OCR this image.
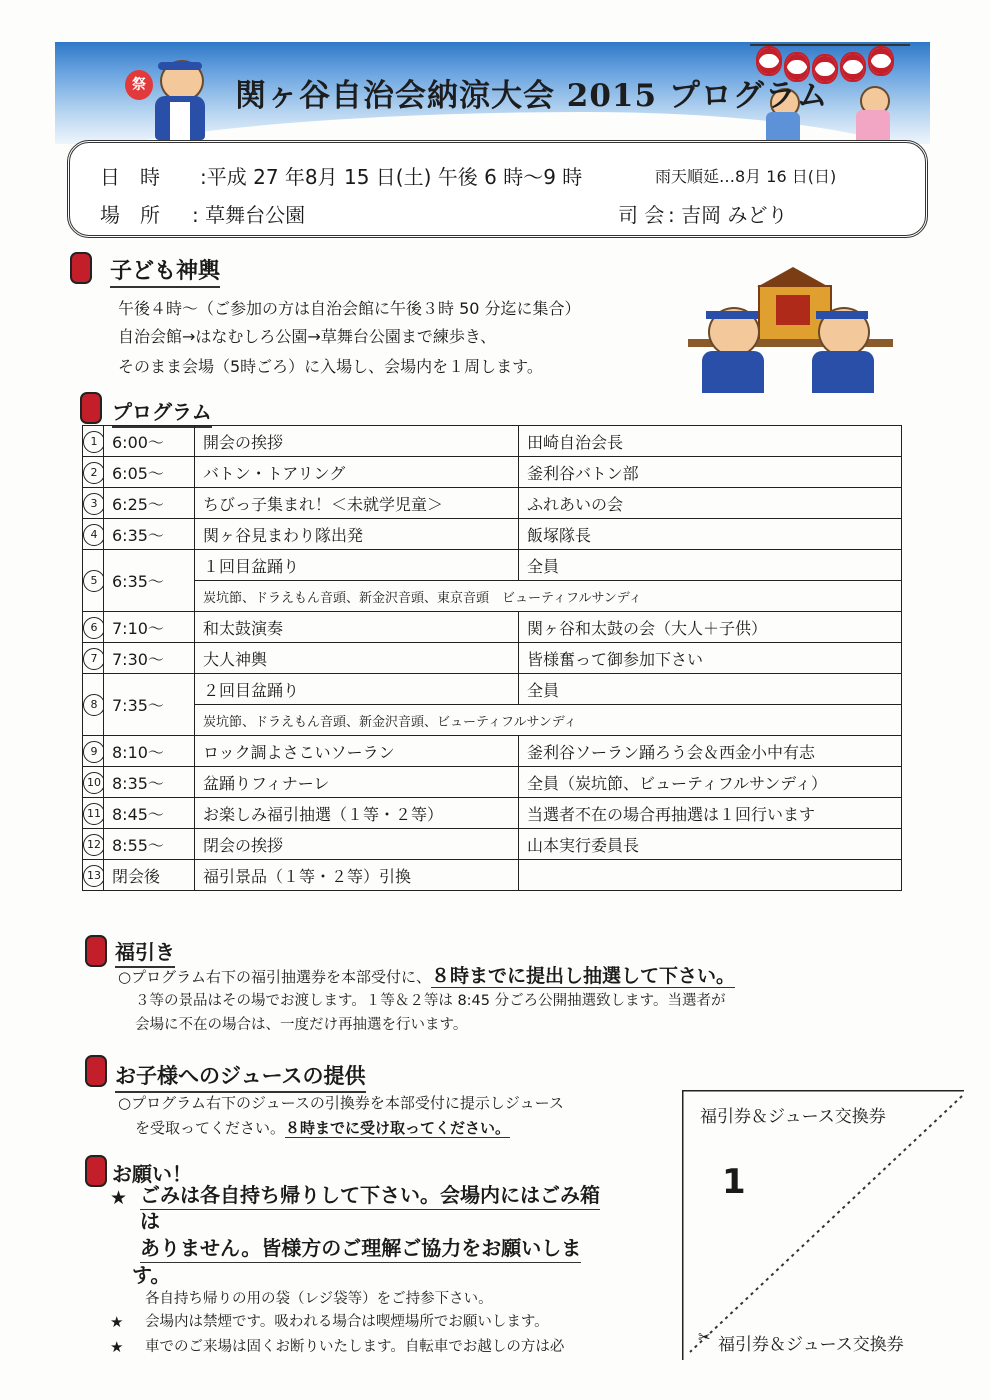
祭	関ヶ谷自治会納涼大会 2015 プログラム
日　時 :平成 27 年8月 15 日(土) 午後 6 時〜9 時	雨天順延…8月 16 日(日)
場　所 : 草舞台公園	司 会 : 吉岡 みどり
子ども神輿
午後４時〜（ご参加の方は自治会館に午後３時 50 分迄に集合）
自治会館→はなむしろ公園→草舞台公園まで練歩き、
そのまま会場（5時ごろ）に入場し、会場内を１周します。
プログラム
1	6:00〜	開会の挨拶	田崎自治会長
2	6:05〜	バトン・トアリング	釜利谷バトン部
3	6:25〜	ちびっ子集まれ！＜未就学児童＞	ふれあいの会
4	6:35〜	関ヶ谷見まわり隊出発	飯塚隊長
5	6:35〜	１回目盆踊り	全員
		炭坑節、ドラえもん音頭、新金沢音頭、東京音頭　ビューティフルサンディ	
6	7:10〜	和太鼓演奏	関ヶ谷和太鼓の会（大人＋子供）
7	7:30〜	大人神輿	皆様奮って御参加下さい
8	7:35〜	２回目盆踊り	全員
		炭坑節、ドラえもん音頭、新金沢音頭、ビューティフルサンディ	
9	8:10〜	ロック調よさこいソーラン	釜利谷ソーラン踊ろう会＆西金小中有志
10	8:35〜	盆踊りフィナーレ	全員（炭坑節、ビューティフルサンディ）
11	8:45〜	お楽しみ福引抽選（１等・２等）	当選者不在の場合再抽選は１回行います
12	8:55〜	閉会の挨拶	山本実行委員長
13	閉会後	福引景品（１等・２等）引換	
福引き
○プログラム右下の福引抽選券を本部受付に、８時までに提出し抽選して下さい。
３等の景品はその場でお渡します。１等＆２等は 8:45 分ごろ公開抽選致します。当選者が
会場に不在の場合は、一度だけ再抽選を行います。
お子様へのジュースの提供
○プログラム右下のジュースの引換券を本部受付に提示しジュース
を受取ってください。８時までに受け取ってください。
お願い！
★ ごみは各自持ち帰りして下さい。会場内にはごみ箱
は
ありません。皆様方のご理解ご協力をお願いしま
す。
各自持ち帰りの用の袋（レジ袋等）をご持参下さい。
★ 会場内は禁煙です。吸われる場合は喫煙場所でお願いします。
★ 車でのご来場は固くお断りいたします。自転車でお越しの方は必
福引券＆ジュース交換券
1
✂ 福引券＆ジュース交換券
